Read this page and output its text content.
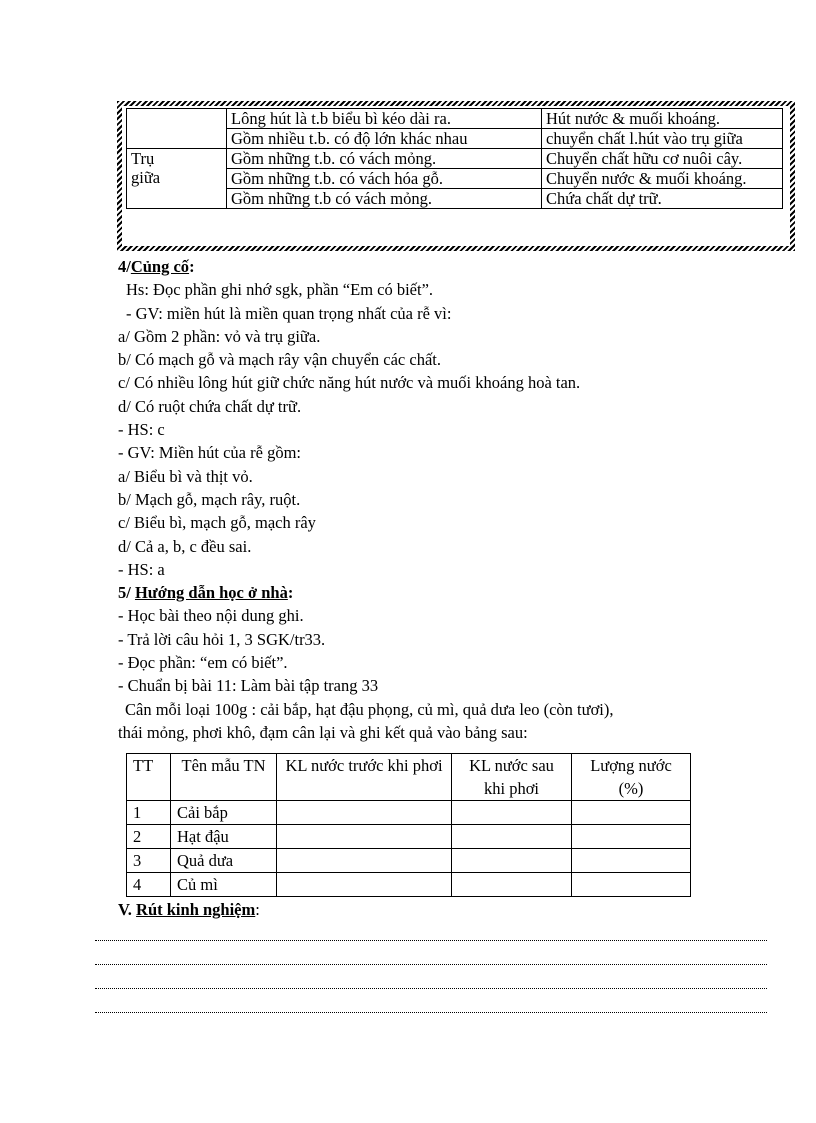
	Lông hút là t.b biểu bì kéo dài ra.	Hút nước & muối khoáng.
	Gồm nhiều t.b. có độ lớn khác nhau	chuyển chất l.hút vào trụ giữa

Trụ
giữa	Gồm những t.b. có vách mỏng.	Chuyển chất hữu cơ nuôi cây.
	Gồm những t.b. có vách hóa gỗ.	Chuyển nước & muối khoáng.
	Gồm những t.b có vách mỏng.	Chứa chất dự trữ.

4/Củng cố:

Hs: Đọc phần ghi nhớ sgk, phần “Em có biết”.

- GV: miền hút là miền quan trọng nhất của rễ vì:

a/ Gồm 2 phần: vỏ và trụ giữa.

b/ Có mạch gỗ và mạch rây vận chuyển các chất.

c/ Có nhiều lông hút giữ chức năng hút nước và muối khoáng hoà tan.

d/ Có ruột chứa chất dự trữ.

- HS: c

- GV: Miền hút của rễ gồm:

a/ Biểu bì và thịt vỏ.

b/ Mạch gỗ, mạch rây, ruột.

c/ Biểu bì, mạch gỗ, mạch rây

d/ Cả a, b, c đều sai.

- HS: a

5/ Hướng dẫn học ở nhà:

- Học bài theo nội dung ghi.

- Trả lời câu hỏi 1, 3 SGK/tr33.

- Đọc phần: “em có biết”.

- Chuẩn bị bài 11: Làm bài tập trang 33

Cân mỗi loại 100g : cải bắp, hạt đậu phọng, củ mì, quả dưa leo (còn tươi),

thái mỏng, phơi khô, đạm cân lại và ghi kết quả vào bảng sau:

TT	Tên mẫu TN	KL nước trước khi phơi	KL nước sau khi phơi	Lượng nước (%)
1	Cải bắp			
2	Hạt đậu			
3	Quả dưa			
4	Củ mì			
V. Rút kinh nghiệm:
